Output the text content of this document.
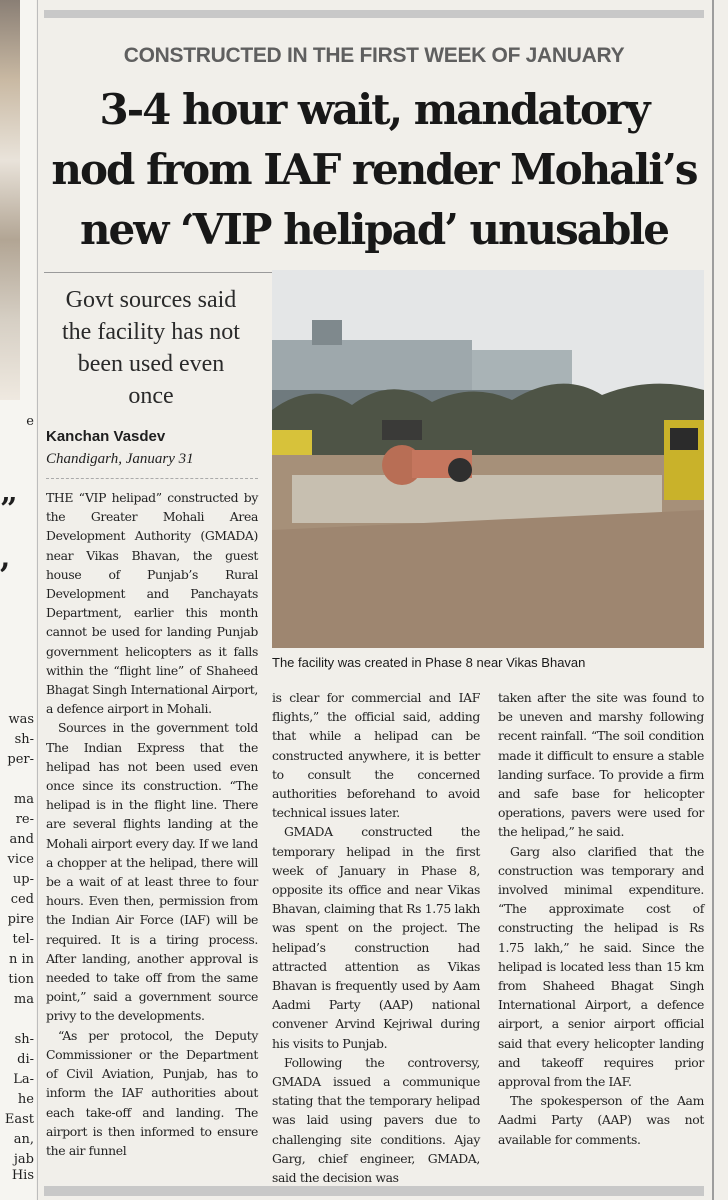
e
”
,
was
sh-
per-
ma
re-
and
vice
up-
ced
pire
tel-
n in
tion
ma
sh-
di-
La-
he
East
an,
jab
His
CONSTRUCTED IN THE FIRST WEEK OF JANUARY
3-4 hour wait, mandatory
nod from IAF render Mohali’s
new ‘VIP helipad’ unusable
Govt sources said
the facility has not
been used even
once
Kanchan Vasdev
Chandigarh, January 31
The facility was created in Phase 8 near Vikas Bhavan

THE “VIP helipad” constructed by the Greater Mohali Area Development Authority (GMADA) near Vikas Bhavan, the guest house of Punjab’s Rural Development and Panchayats Department, earlier this month cannot be used for landing Punjab government helicopters as it falls within the “flight line” of Shaheed Bhagat Singh International Airport, a defence airport in Mohali.

Sources in the government told The Indian Express that the helipad has not been used even once since its construction. “The helipad is in the flight line. There are several flights landing at the Mohali airport every day. If we land a chopper at the helipad, there will be a wait of at least three to four hours. Even then, permission from the Indian Air Force (IAF) will be required. It is a tiring process. After landing, another approval is needed to take off from the same point,” said a government source privy to the developments.

“As per protocol, the Deputy Commissioner or the Department of Civil Aviation, Punjab, has to inform the IAF authorities about each take-off and landing. The airport is then informed to ensure the air funnel

is clear for commercial and IAF flights,” the official said, adding that while a helipad can be constructed anywhere, it is better to consult the concerned authorities beforehand to avoid technical issues later.

GMADA constructed the temporary helipad in the first week of January in Phase 8, opposite its office and near Vikas Bhavan, claiming that Rs 1.75 lakh was spent on the project. The helipad’s construction had attracted attention as Vikas Bhavan is frequently used by Aam Aadmi Party (AAP) national convener Arvind Kejriwal during his visits to Punjab.

Following the controversy, GMADA issued a communique stating that the temporary helipad was laid using pavers due to challenging site conditions. Ajay Garg, chief engineer, GMADA, said the decision was

taken after the site was found to be uneven and marshy following recent rainfall. “The soil condition made it difficult to ensure a stable landing surface. To provide a firm and safe base for helicopter operations, pavers were used for the helipad,” he said.

Garg also clarified that the construction was temporary and involved minimal expenditure. “The approximate cost of constructing the helipad is Rs 1.75 lakh,” he said. Since the helipad is located less than 15 km from Shaheed Bhagat Singh International Airport, a defence airport, a senior airport official said that every helicopter landing and takeoff requires prior approval from the IAF.

The spokesperson of the Aam Aadmi Party (AAP) was not available for comments.
